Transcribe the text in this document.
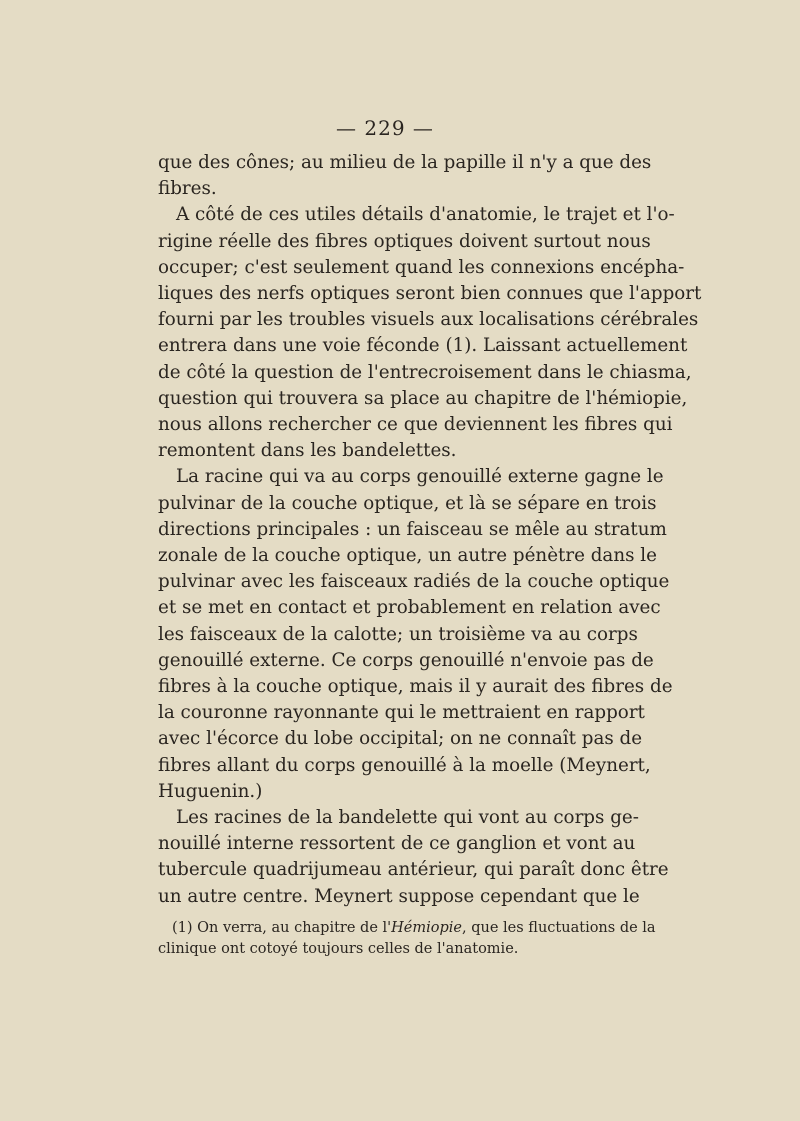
— 229 —
que des cônes; au milieu de la papille il n'y a que des
fibres.
A côté de ces utiles détails d'anatomie, le trajet et l'o-
rigine réelle des fibres optiques doivent surtout nous
occuper; c'est seulement quand les connexions encépha-
liques des nerfs optiques seront bien connues que l'apport
fourni par les troubles visuels aux localisations cérébrales
entrera dans une voie féconde (1). Laissant actuellement
de côté la question de l'entrecroisement dans le chiasma,
question qui trouvera sa place au chapitre de l'hémiopie,
nous allons rechercher ce que deviennent les fibres qui
remontent dans les bandelettes.
La racine qui va au corps genouillé externe gagne le
pulvinar de la couche optique, et là se sépare en trois
directions principales : un faisceau se mêle au stratum
zonale de la couche optique, un autre pénètre dans le
pulvinar avec les faisceaux radiés de la couche optique
et se met en contact et probablement en relation avec
les faisceaux de la calotte; un troisième va au corps
genouillé externe. Ce corps genouillé n'envoie pas de
fibres à la couche optique, mais il y aurait des fibres de
la couronne rayonnante qui le mettraient en rapport
avec l'écorce du lobe occipital; on ne connaît pas de
fibres allant du corps genouillé à la moelle (Meynert,
Huguenin.)
Les racines de la bandelette qui vont au corps ge-
nouillé interne ressortent de ce ganglion et vont au
tubercule quadrijumeau antérieur, qui paraît donc être
un autre centre. Meynert suppose cependant que le
(1) On verra, au chapitre de l'Hémiopie, que les fluctuations de la
clinique ont cotoyé toujours celles de l'anatomie.
